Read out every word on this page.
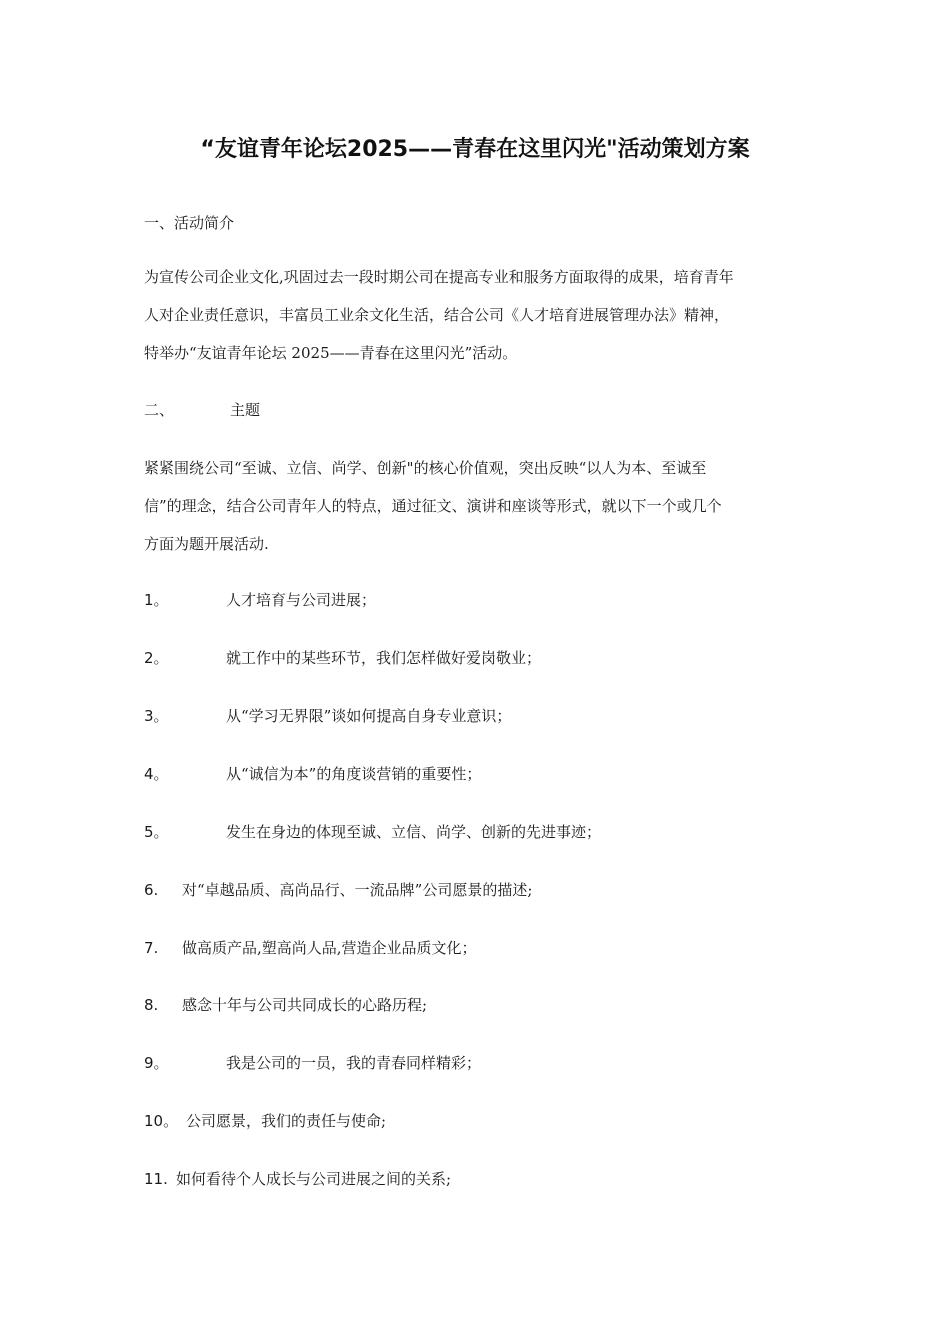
“友谊青年论坛2025——青春在这里闪光"活动策划方案
一、活动简介
为宣传公司企业文化,巩固过去一段时期公司在提高专业和服务方面取得的成果，培育青年
人对企业责任意识，丰富员工业余文化生活，结合公司《人才培育进展管理办法》精神，
特举办“友谊青年论坛 2025——青春在这里闪光”活动。
二、	主题
紧紧围绕公司“至诚、立信、尚学、创新"的核心价值观，突出反映“以人为本、至诚至
信”的理念，结合公司青年人的特点，通过征文、演讲和座谈等形式，就以下一个或几个
方面为题开展活动.
1。	人才培育与公司进展；
2。	就工作中的某些环节，我们怎样做好爱岗敬业；
3。	从“学习无界限”谈如何提高自身专业意识；
4。	从“诚信为本”的角度谈营销的重要性；
5。	发生在身边的体现至诚、立信、尚学、创新的先进事迹；
6. 对“卓越品质、高尚品行、一流品牌”公司愿景的描述;
7. 做高质产品,塑高尚人品,营造企业品质文化；
8. 感念十年与公司共同成长的心路历程;
9。	我是公司的一员，我的青春同样精彩；
10。 公司愿景，我们的责任与使命;
11. 如何看待个人成长与公司进展之间的关系;
